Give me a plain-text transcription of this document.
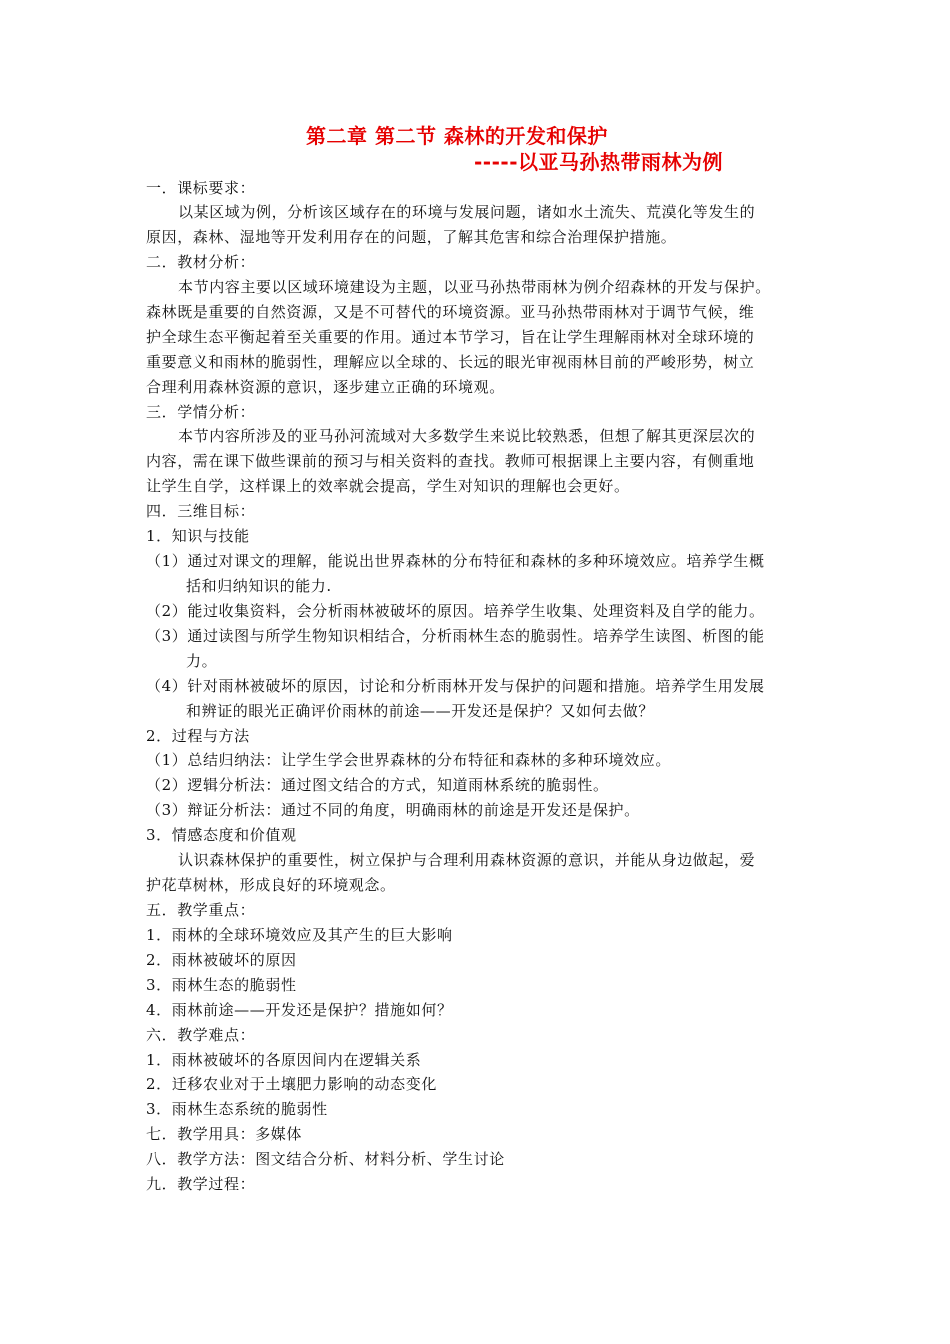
第二章 第二节 森林的开发和保护
-----以亚马孙热带雨林为例
一．课标要求：
以某区域为例，分析该区域存在的环境与发展问题，诸如水土流失、荒漠化等发生的
原因，森林、湿地等开发利用存在的问题，了解其危害和综合治理保护措施。
二．教材分析：
本节内容主要以区域环境建设为主题，以亚马孙热带雨林为例介绍森林的开发与保护。
森林既是重要的自然资源，又是不可替代的环境资源。亚马孙热带雨林对于调节气候，维
护全球生态平衡起着至关重要的作用。通过本节学习，旨在让学生理解雨林对全球环境的
重要意义和雨林的脆弱性，理解应以全球的、长远的眼光审视雨林目前的严峻形势，树立
合理利用森林资源的意识，逐步建立正确的环境观。
三．学情分析：
本节内容所涉及的亚马孙河流域对大多数学生来说比较熟悉，但想了解其更深层次的
内容，需在课下做些课前的预习与相关资料的查找。教师可根据课上主要内容，有侧重地
让学生自学，这样课上的效率就会提高，学生对知识的理解也会更好。
四．三维目标：
1．知识与技能
（1）通过对课文的理解，能说出世界森林的分布特征和森林的多种环境效应。培养学生概
括和归纳知识的能力.
（2）能过收集资料，会分析雨林被破坏的原因。培养学生收集、处理资料及自学的能力。
（3）通过读图与所学生物知识相结合，分析雨林生态的脆弱性。培养学生读图、析图的能
力。
（4）针对雨林被破坏的原因，讨论和分析雨林开发与保护的问题和措施。培养学生用发展
和辨证的眼光正确评价雨林的前途——开发还是保护？又如何去做？
2．过程与方法
（1）总结归纳法：让学生学会世界森林的分布特征和森林的多种环境效应。
（2）逻辑分析法：通过图文结合的方式，知道雨林系统的脆弱性。
（3）辩证分析法：通过不同的角度，明确雨林的前途是开发还是保护。
3．情感态度和价值观
认识森林保护的重要性，树立保护与合理利用森林资源的意识，并能从身边做起，爱
护花草树林，形成良好的环境观念。
五．教学重点：
1．雨林的全球环境效应及其产生的巨大影响
2．雨林被破坏的原因
3．雨林生态的脆弱性
4．雨林前途——开发还是保护？措施如何？
六．教学难点：
1．雨林被破坏的各原因间内在逻辑关系
2．迁移农业对于土壤肥力影响的动态变化
3．雨林生态系统的脆弱性
七．教学用具：多媒体
八．教学方法：图文结合分析、材料分析、学生讨论
九．教学过程：
